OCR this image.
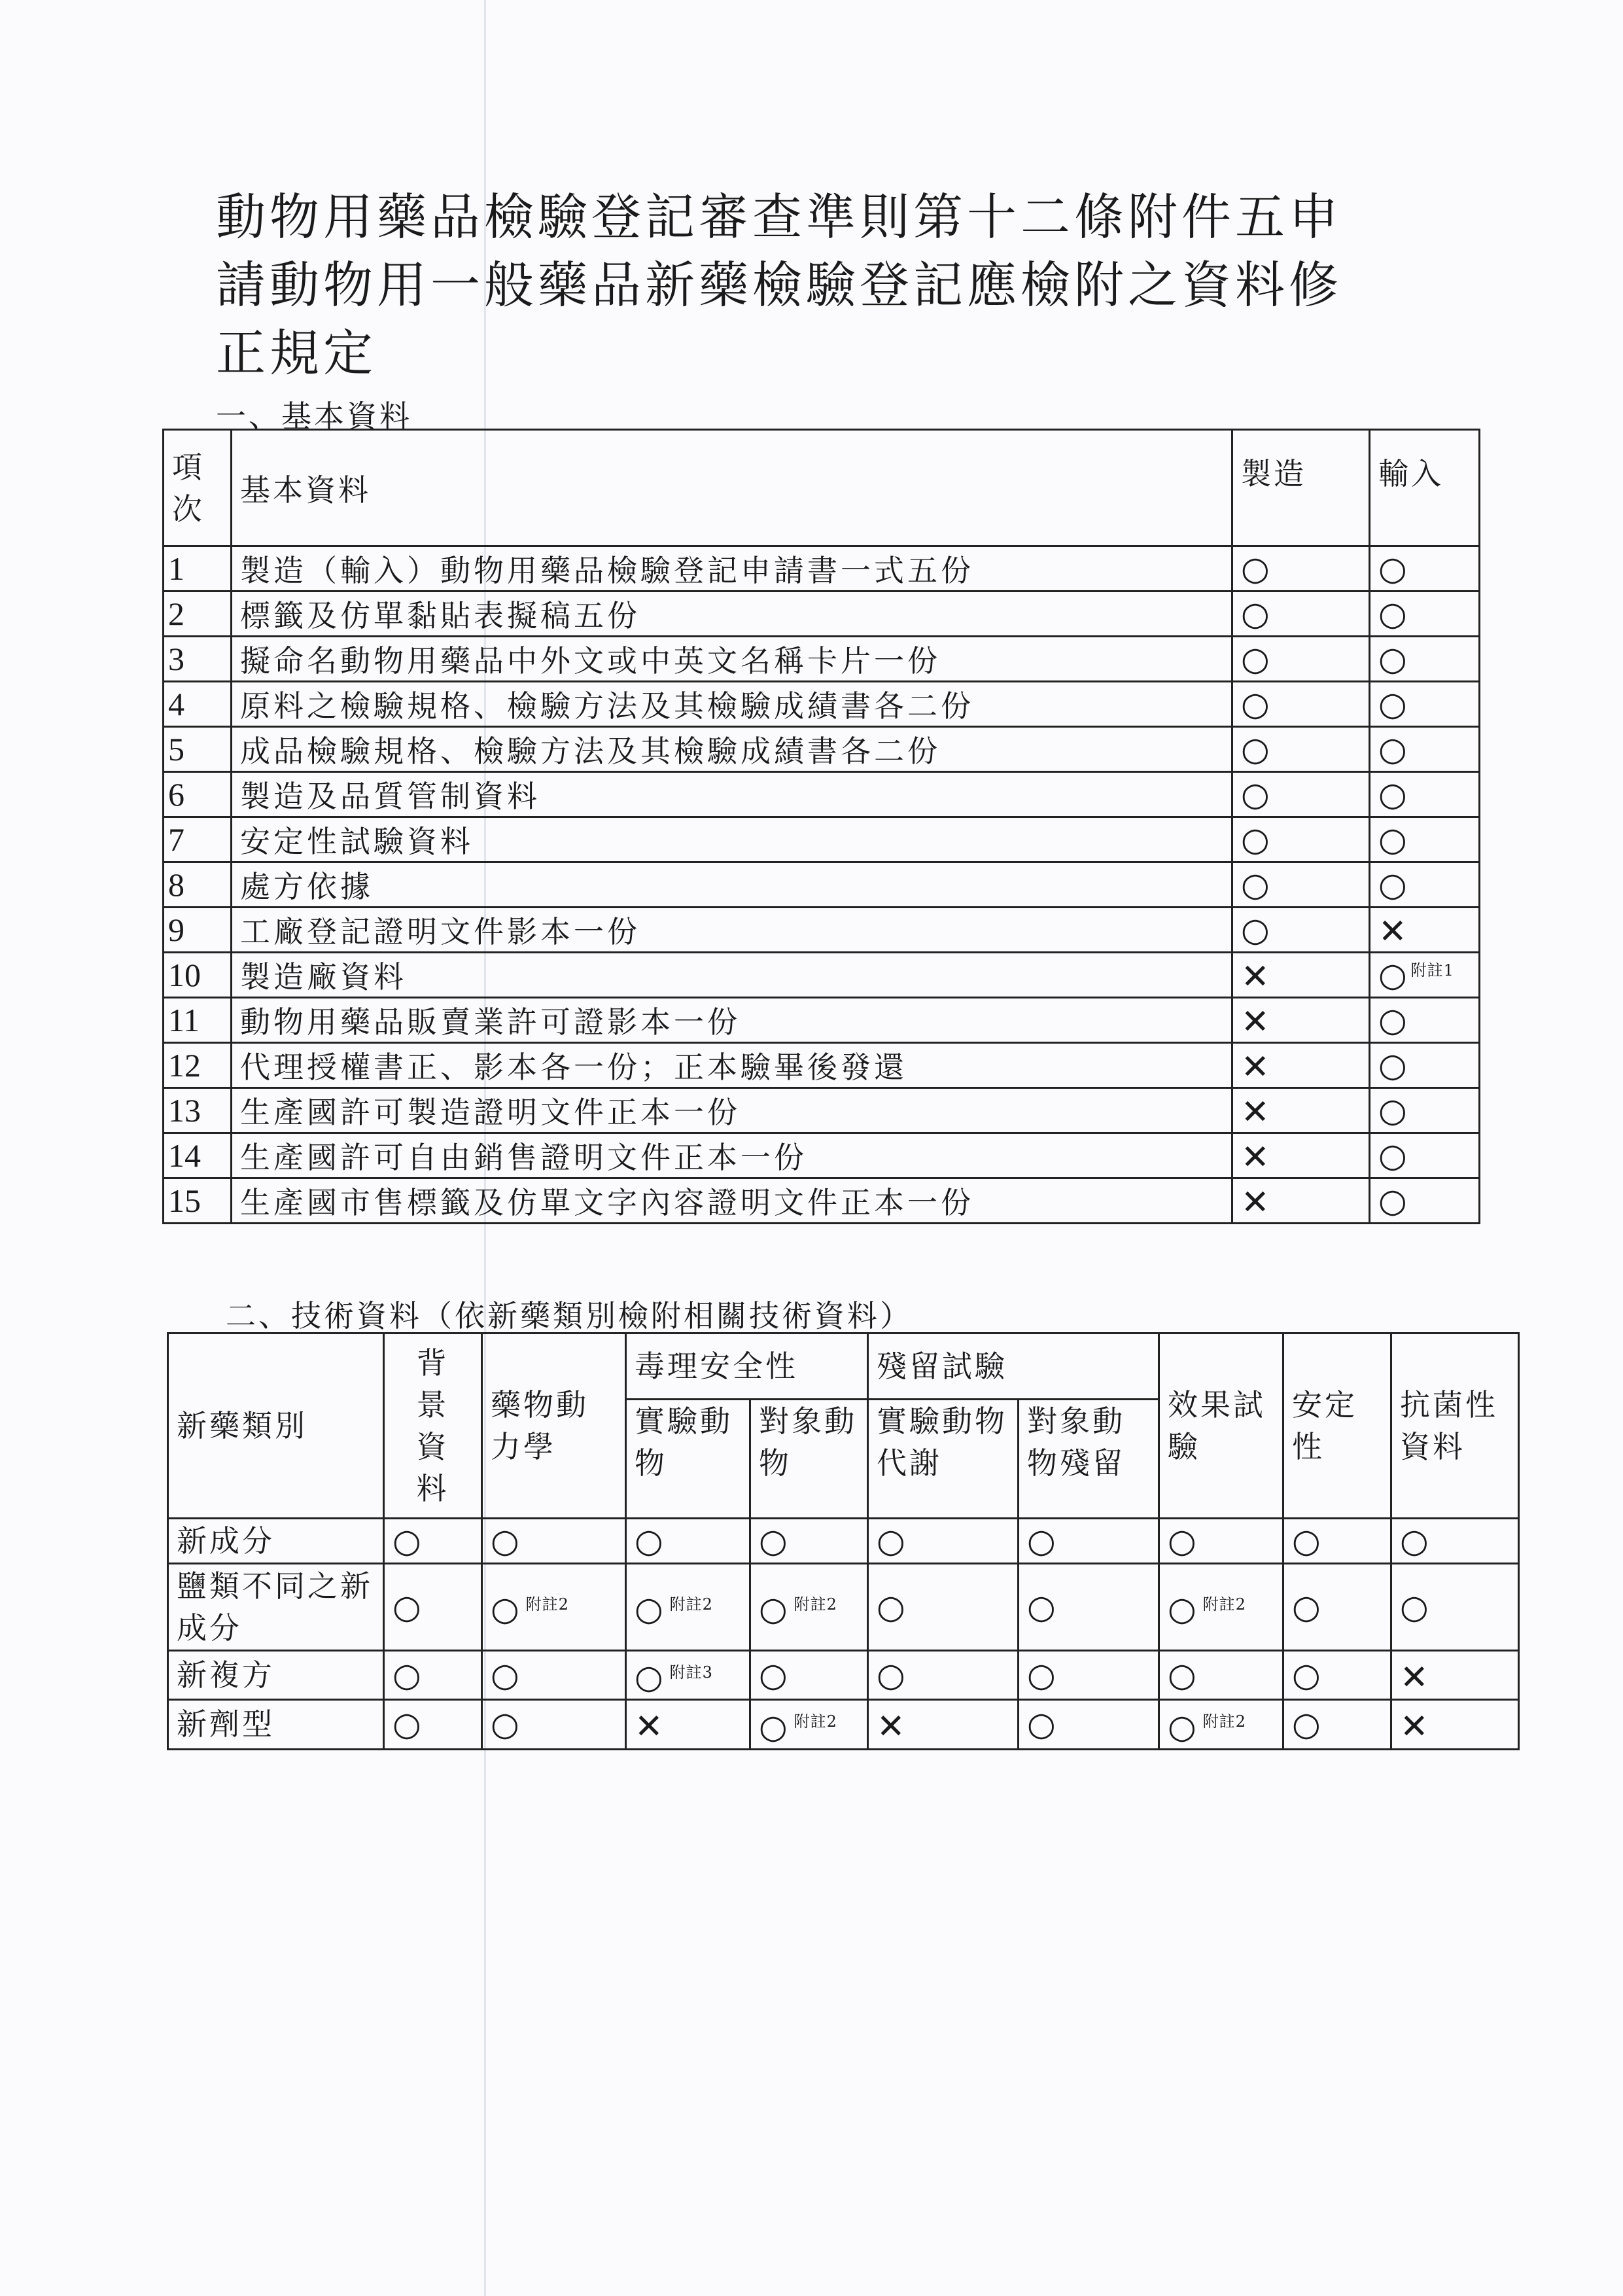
動物用藥品檢驗登記審查準則第十二條附件五申請動物用一般藥品新藥檢驗登記應檢附之資料修正規定
一、基本資料
項次	基本資料	製造	輸入
1	製造（輸入）動物用藥品檢驗登記申請書一式五份	○	○
2	標籤及仿單黏貼表擬稿五份	○	○
3	擬命名動物用藥品中外文或中英文名稱卡片一份	○	○
4	原料之檢驗規格、檢驗方法及其檢驗成績書各二份	○	○
5	成品檢驗規格、檢驗方法及其檢驗成績書各二份	○	○
6	製造及品質管制資料	○	○
7	安定性試驗資料	○	○
8	處方依據	○	○
9	工廠登記證明文件影本一份	○	✕
10	製造廠資料	✕	○ $^{附註1}$
11	動物用藥品販賣業許可證影本一份	✕	○
12	代理授權書正、影本各一份；正本驗畢後發還	✕	○
13	生產國許可製造證明文件正本一份	✕	○
14	生產國許可自由銷售證明文件正本一份	✕	○
15	生產國市售標籤及仿單文字內容證明文件正本一份	✕	○
二、技術資料（依新藥類別檢附相關技術資料）
新藥類別	背景資料	藥物動力學	毒理安全性		殘留試驗		效果試驗	安定性	抗菌性資料
			實驗動物	對象動物	實驗動物代謝	對象動物殘留			
新成分	○	○	○	○	○	○	○	○	○
鹽類不同之新成分	○	○ $^{附註2}$	○ $^{附註2}$	○ $^{附註2}$	○	○	○ $^{附註2}$	○	○
新複方	○	○	○ $^{附註3}$	○	○	○	○	○	✕
新劑型	○	○	✕	○ $^{附註2}$	✕	○	○ $^{附註2}$	○	✕
